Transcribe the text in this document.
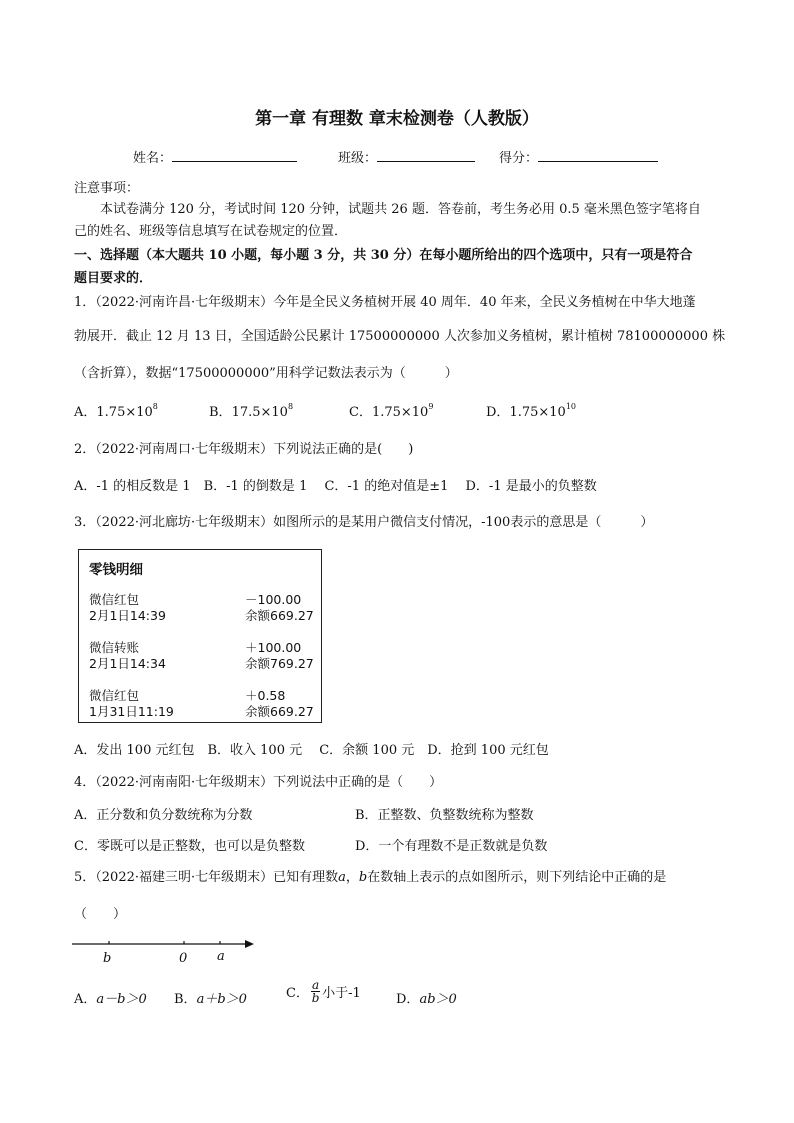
第一章 有理数 章末检测卷（人教版）
姓名：	班级：	得分：
注意事项：
本试卷满分 120 分，考试时间 120 分钟，试题共 26 题．答卷前，考生务必用 0.5 毫米黑色签字笔将自
己的姓名、班级等信息填写在试卷规定的位置．
一、选择题（本大题共 10 小题，每小题 3 分，共 30 分）在每小题所给出的四个选项中，只有一项是符合
题目要求的．
1．（2022·河南许昌·七年级期末）今年是全民义务植树开展 40 周年．40 年来，全民义务植树在中华大地蓬
勃展开．截止 12 月 13 日，全国适龄公民累计 17500000000 人次参加义务植树，累计植树 78100000000 株
（含折算），数据“17500000000”用科学记数法表示为（　　　）
A．$1.75\times 10^8$	B．$17.5\times 10^8$	C．$1.75\times 10^9$	D．$1.75\times 10^{10}$
2．（2022·河南周口·七年级期末）下列说法正确的是(　　)
A．-1 的相反数是 1　B．-1 的倒数是 1　 C．-1 的绝对值是±1　 D．-1 是最小的负整数
3．（2022·河北廊坊·七年级期末）如图所示的是某用户微信支付情况，-100表示的意思是（　　　）
零钱明细
微信红包
2月1日14:39
－100.00
余额669.27
微信转账
2月1日14:34
＋100.00
余额769.27
微信红包
1月31日11:19
＋0.58
余额669.27
A．发出 100 元红包　B．收入 100 元　 C．余额 100 元　D．抢到 100 元红包
4．（2022·河南南阳·七年级期末）下列说法中正确的是（　　）
A．正分数和负分数统称为分数	B．正整数、负整数统称为整数
C．零既可以是正整数，也可以是负整数	D．一个有理数不是正数就是负数
5．（2022·福建三明·七年级期末）已知有理数a，b在数轴上表示的点如图所示，则下列结论中正确的是
（　　）
b	0 a
A．a－b＞0 B．a＋b＞0	C． $\frac{a}{b}$ 小于-1	D．ab＞0
